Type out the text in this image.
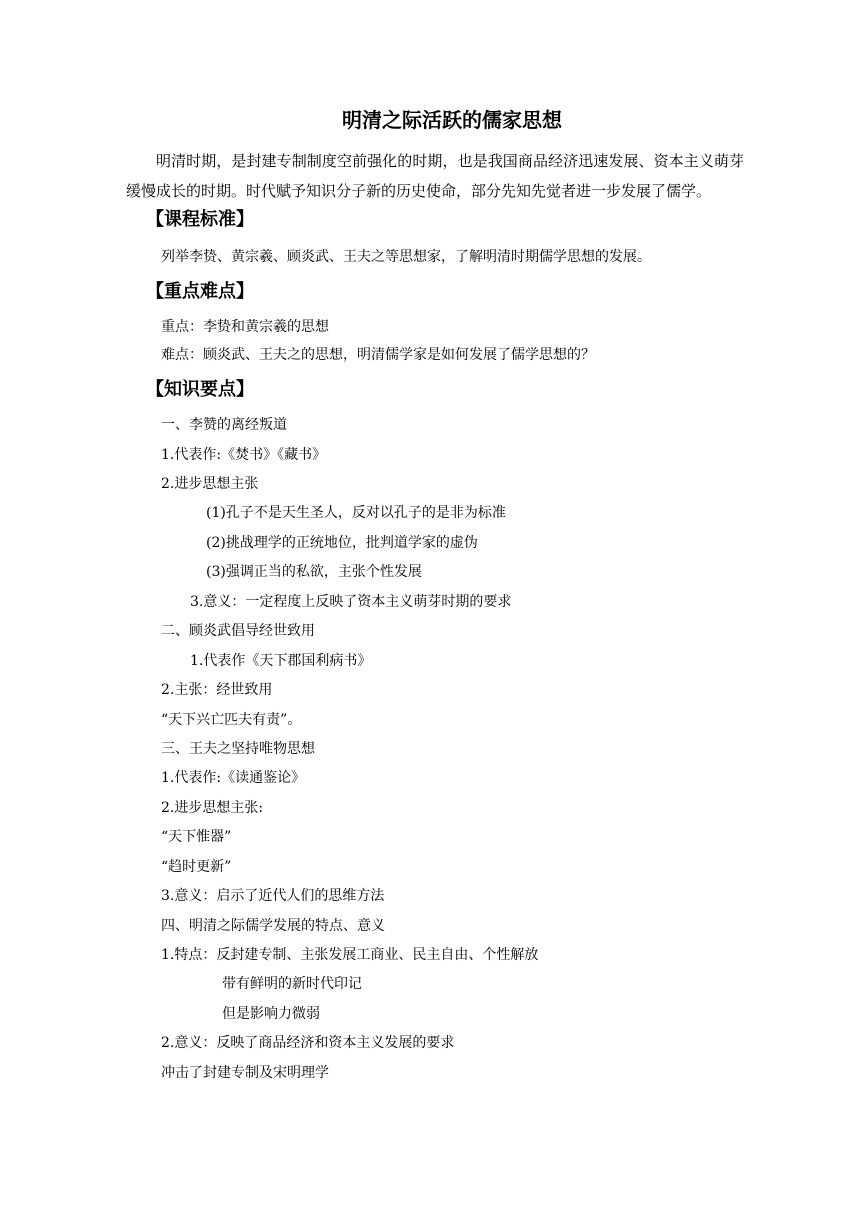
明清之际活跃的儒家思想

明清时期，是封建专制制度空前强化的时期，也是我国商品经济迅速发展、资本主义萌芽缓慢成长的时期。时代赋予知识分子新的历史使命，部分先知先觉者进一步发展了儒学。

【课程标准】

列举李贽、黄宗羲、顾炎武、王夫之等思想家，了解明清时期儒学思想的发展。

【重点难点】

重点：李贽和黄宗羲的思想

难点：顾炎武、王夫之的思想，明清儒学家是如何发展了儒学思想的？

【知识要点】

一、李赞的离经叛道

1.代表作:《焚书》《藏书》

2.进步思想主张

(1)孔子不是天生圣人，反对以孔子的是非为标准

(2)挑战理学的正统地位，批判道学家的虚伪

(3)强调正当的私欲，主张个性发展

3.意义：一定程度上反映了资本主义萌芽时期的要求

二、顾炎武倡导经世致用

1.代表作《天下郡国利病书》

2.主张：经世致用

“天下兴亡匹夫有责”。

三、王夫之坚持唯物思想

1.代表作:《读通鉴论》

2.进步思想主张:

“天下惟器”

“趋时更新”

3.意义：启示了近代人们的思维方法

四、明清之际儒学发展的特点、意义

1.特点：反封建专制、主张发展工商业、民主自由、个性解放

带有鲜明的新时代印记

但是影响力微弱

2.意义：反映了商品经济和资本主义发展的要求

冲击了封建专制及宋明理学
